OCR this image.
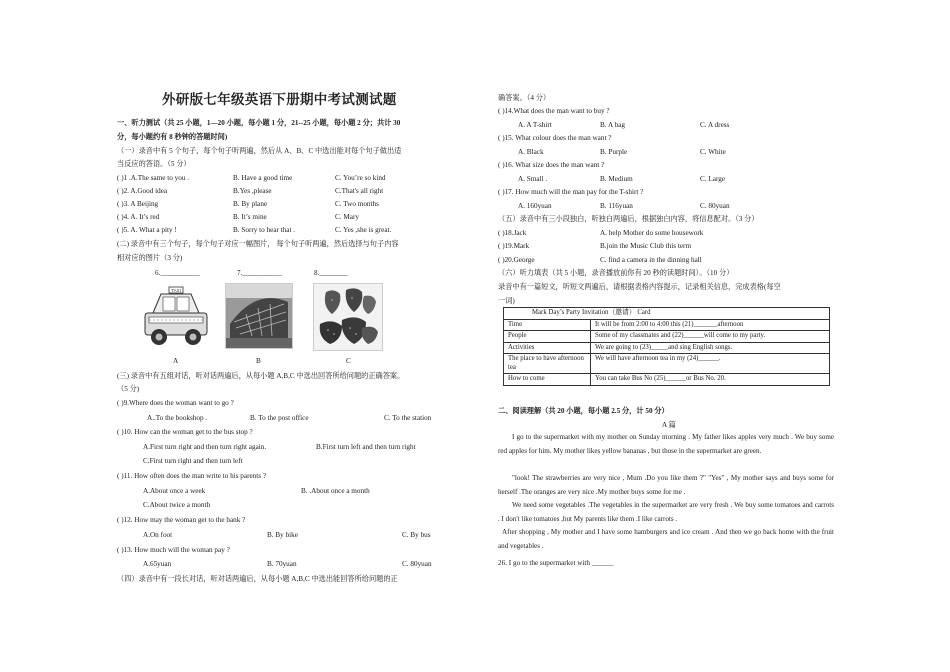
外研版七年级英语下册期中考试测试题
一、听力测试（共 25 小题，1—20 小题，每小题 1 分，21--25 小题，每小题 2 分；共计 30
分，每小题约有 8 秒钟的答题时间)
（一）录音中有 5 个句子，每个句子听两遍，然后从 A、B、C 中选出能对每个句子做出适
当反应的答语。（5 分）
( )1 .A.The same to you .	B. Have a good time	C. You’re so kind
( )2. A.Good idea	B.Yes ,please	C.That's all right
( )3. A Beijing	B. By plane	C. Two months
( )4. A. It’s red	B. It’s mine	C. Mary
( )5. A. What a pity !	B. Sorry to hear that .	C. Yes ,she is great.
(二) 录音中有三个句子，每个句子对应一幅图片， 每个句子听两遍，然后选择与句子内容
相对应的图片（3 分)
6.___________	7.___________	8.________
TAXI
A	B	C
(三) 录音中有五组对话，听对话两遍后，从每小题 A,B,C 中选出回答所给问题的正确答案。
（5 分)
( )9.Where does the woman want to go ?
A..To the bookshop .	B. To the post office	C. To the station
( )10. How can the woman get to the bus stop ?
A.First turn right and then turn right again.	B.First turn left and then turn right
C.First turn right and then turn left
( )11. How often does the man write to his parents ?
A.About once a week	B. .About once a month
C.About twice a month
( )12. How may the woman get to the bank ?
A.On foot	B. By bike	C. By bus
( )13. How much will the woman pay ?
A.65yuan	B. 70yuan	C. 80yuan
（四）录音中有一段长对话，听对话两遍后，从每小题 A,B,C 中选出能回答所给问题的正
确答案。（4 分）
( )14.What does the man want to buy ?
A. A T-shirt	B. A bag	C. A dress
( )15. What colour does the man want ?
A. Black	B. Purple	C. White
( )16. What size does the man want ?
A. Small .	B. Medium	C. Large
( )17. How much will the man pay for the T-shirt ?
A. 160yuan	B. 116yuan	C. 80yuan
（五）录音中有三小段独白，听独白两遍后，根据独白内容，将信息配对。（3 分）
( )18.Jack	A. help Mother do some housework
( )19.Mark	B.join the Music Club this term
( )20.George	C. find a camera in the dinning hall
（六）听力填表（共 5 小题，录音播放前你有 20 秒的读题时间）。（10 分）
录音中有一篇短文，听短文两遍后，请根据表格内容提示，记录相关信息，完成表格(每空
一词)
Mark Day’s Party Invitation（邀请） Card	
Time	It will be from 2:00 to 4:00 this (21)_______afternoon
People	Some of my classmates and (22)______will come to my party.
Activities	We are going to (23)_____and sing English songs.
The place to have afternoon tea	We will have afternoon tea in my (24)______.
How to come	You can take Bus No (25)______or Bus No. 20.
二、阅读理解（共 20 小题，每小题 2.5 分，计 50 分）
A 篇
I go to the supermarket with my mother on Sunday morning . My father likes apples very much . We buy some red apples for him. My mother likes yellow bananas , but those in the supermarket are green.
"look! The strawberries are very nice , Mum .Do you like them ?" "Yes" , My mother says and buys some for herself .The oranges are very nice .My mother buys some for me .
We need some vegetables .The vegetables in the supermarket are very fresh . We buy some tomatoes and carrots . I don't like tomatoes ,but My parents like them .I like carrots .
After shopping , My mother and I have some hamburgers and ice cream . And then we go back home with the fruit and vegetables .
26. I go to the supermarket with ______
